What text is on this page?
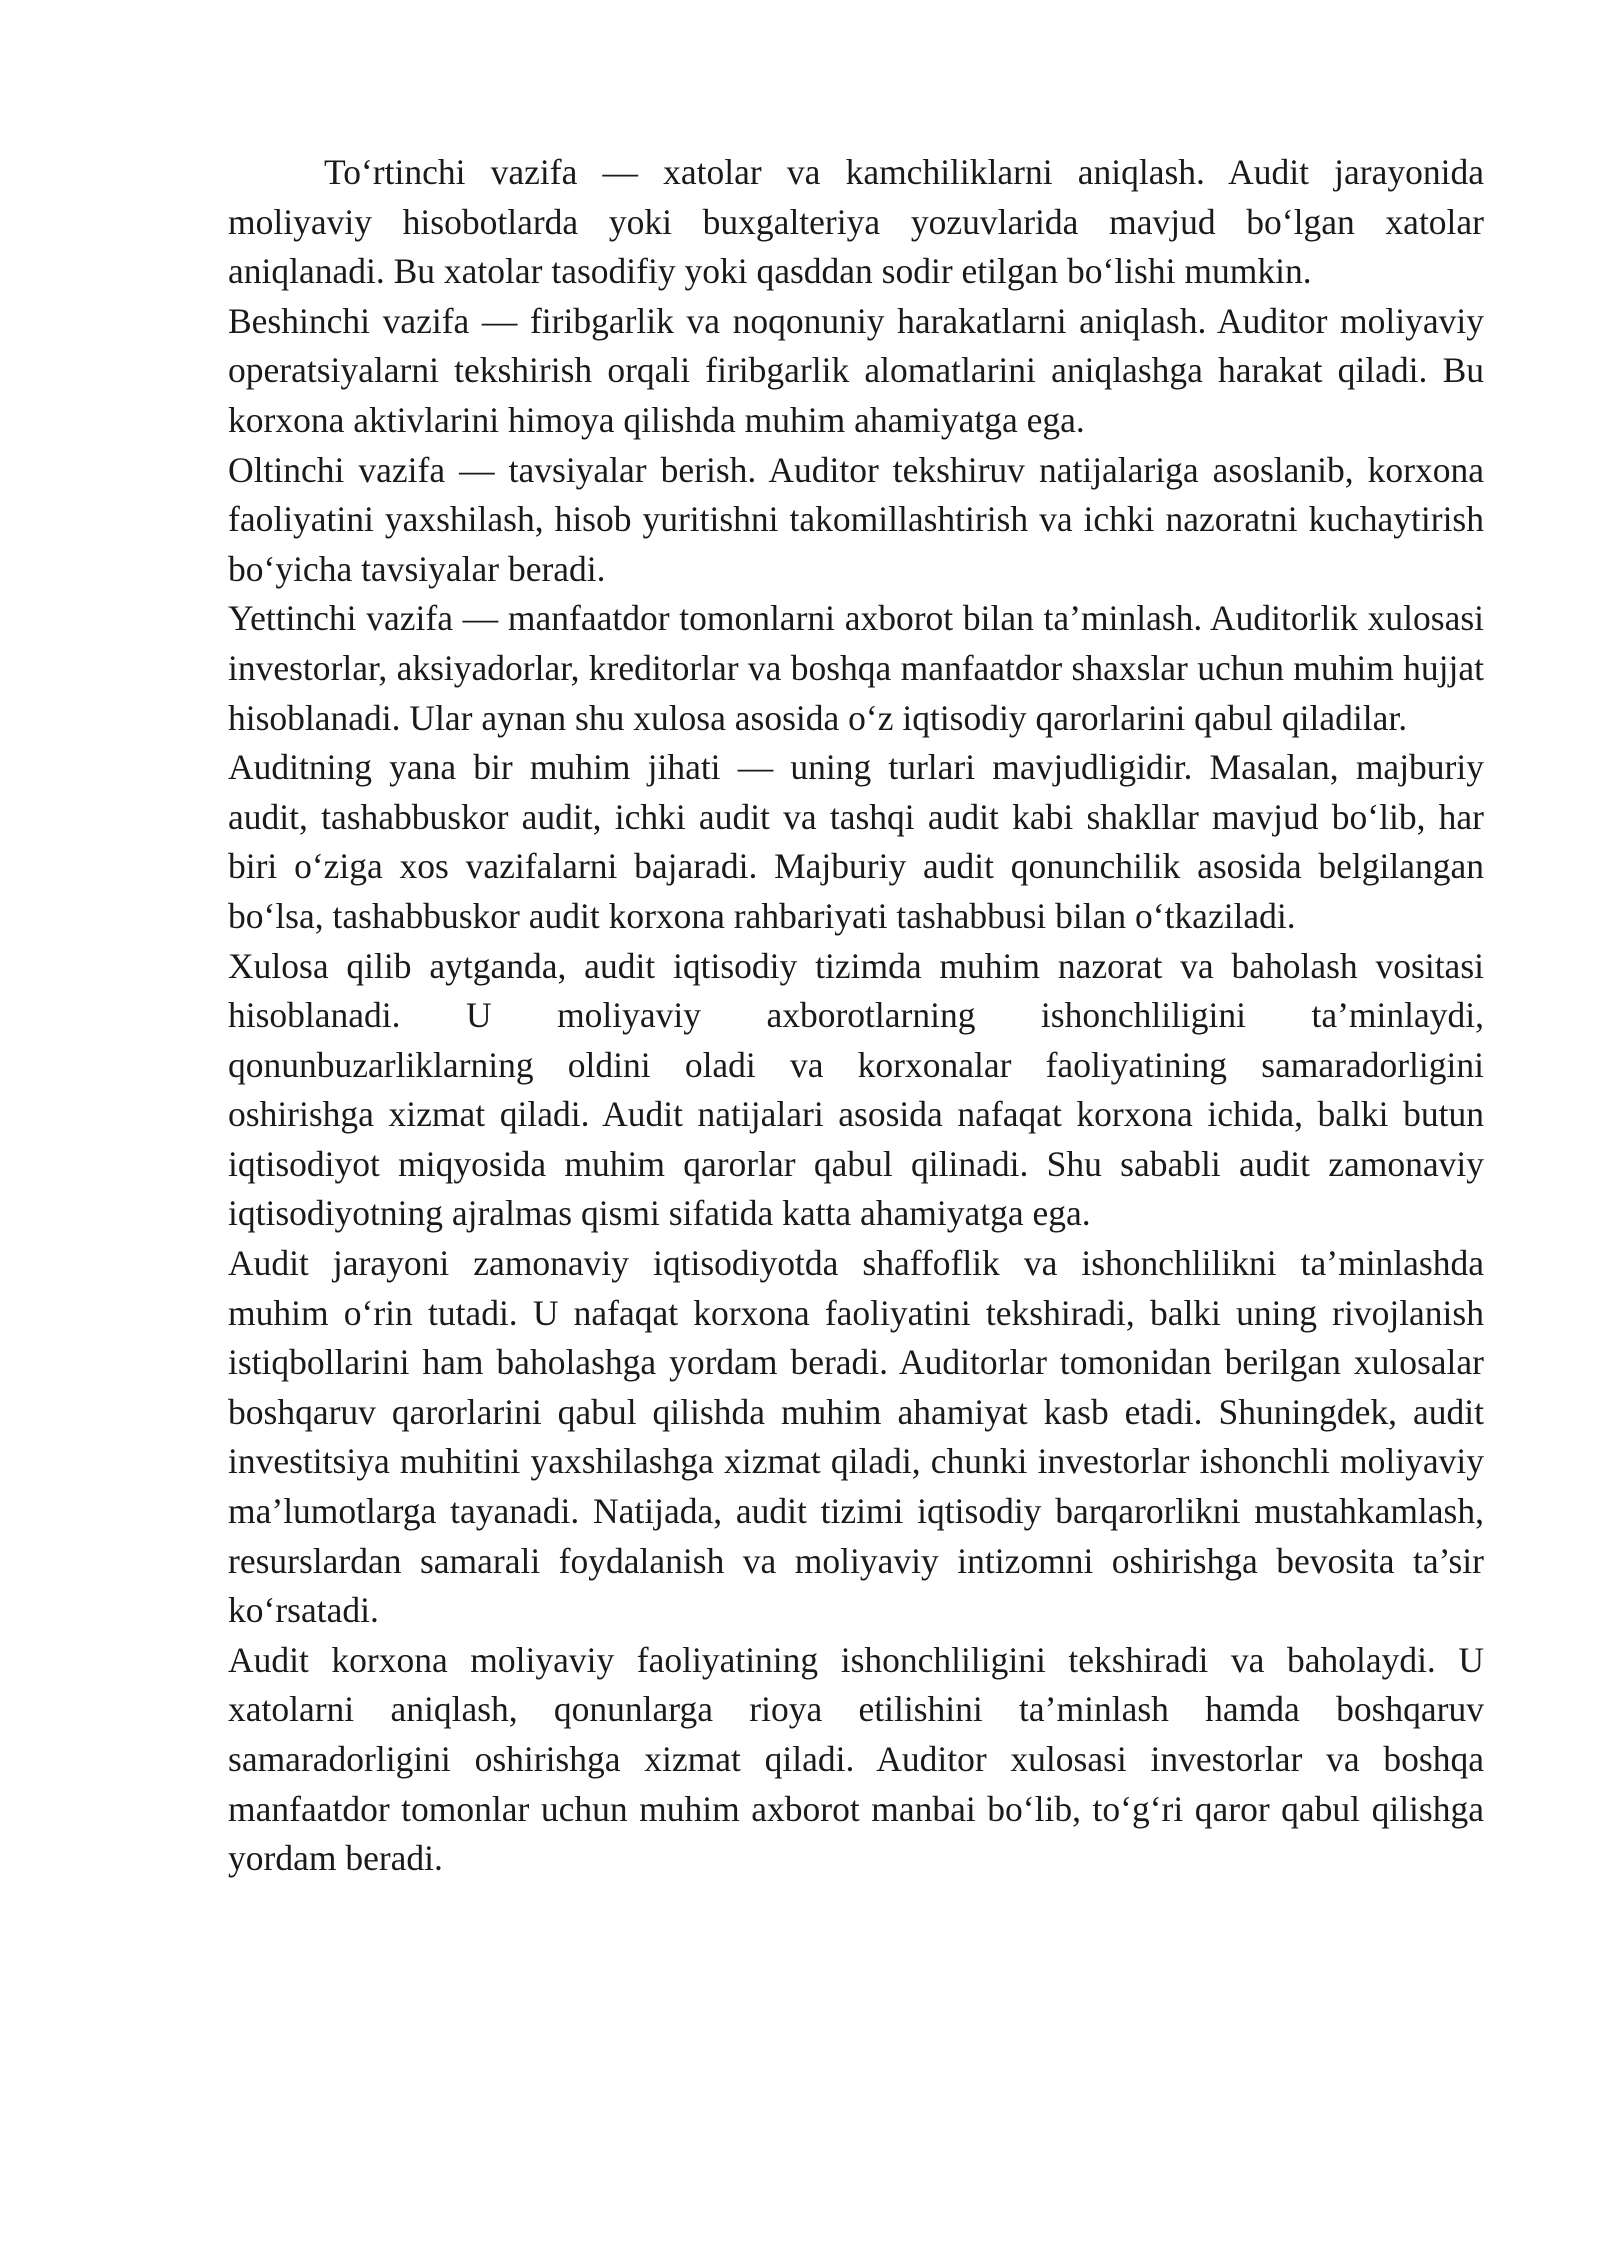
To‘rtinchi vazifa — xatolar va kamchiliklarni aniqlash. Audit jarayonida moliyaviy hisobotlarda yoki buxgalteriya yozuvlarida mavjud bo‘lgan xatolar aniqlanadi. Bu xatolar tasodifiy yoki qasddan sodir etilgan bo‘lishi mumkin.

Beshinchi vazifa — firibgarlik va noqonuniy harakatlarni aniqlash. Auditor moliyaviy operatsiyalarni tekshirish orqali firibgarlik alomatlarini aniqlashga harakat qiladi. Bu korxona aktivlarini himoya qilishda muhim ahamiyatga ega.

Oltinchi vazifa — tavsiyalar berish. Auditor tekshiruv natijalariga asoslanib, korxona faoliyatini yaxshilash, hisob yuritishni takomillashtirish va ichki nazoratni kuchaytirish bo‘yicha tavsiyalar beradi.

Yettinchi vazifa — manfaatdor tomonlarni axborot bilan ta’minlash. Auditorlik xulosasi investorlar, aksiyadorlar, kreditorlar va boshqa manfaatdor shaxslar uchun muhim hujjat hisoblanadi. Ular aynan shu xulosa asosida o‘z iqtisodiy qarorlarini qabul qiladilar.

Auditning yana bir muhim jihati — uning turlari mavjudligidir. Masalan, majburiy audit, tashabbuskor audit, ichki audit va tashqi audit kabi shakllar mavjud bo‘lib, har biri o‘ziga xos vazifalarni bajaradi. Majburiy audit qonunchilik asosida belgilangan bo‘lsa, tashabbuskor audit korxona rahbariyati tashabbusi bilan o‘tkaziladi.

Xulosa qilib aytganda, audit iqtisodiy tizimda muhim nazorat va baholash vositasi hisoblanadi. U moliyaviy axborotlarning ishonchliligini ta’minlaydi, qonunbuzarliklarning oldini oladi va korxonalar faoliyatining samaradorligini oshirishga xizmat qiladi. Audit natijalari asosida nafaqat korxona ichida, balki butun iqtisodiyot miqyosida muhim qarorlar qabul qilinadi. Shu sababli audit zamonaviy iqtisodiyotning ajralmas qismi sifatida katta ahamiyatga ega.

Audit jarayoni zamonaviy iqtisodiyotda shaffoflik va ishonchlilikni ta’minlashda muhim o‘rin tutadi. U nafaqat korxona faoliyatini tekshiradi, balki uning rivojlanish istiqbollarini ham baholashga yordam beradi. Auditorlar tomonidan berilgan xulosalar boshqaruv qarorlarini qabul qilishda muhim ahamiyat kasb etadi. Shuningdek, audit investitsiya muhitini yaxshilashga xizmat qiladi, chunki investorlar ishonchli moliyaviy ma’lumotlarga tayanadi. Natijada, audit tizimi iqtisodiy barqarorlikni mustahkamlash, resurslardan samarali foydalanish va moliyaviy intizomni oshirishga bevosita ta’sir ko‘rsatadi.

Audit korxona moliyaviy faoliyatining ishonchliligini tekshiradi va baholaydi. U xatolarni aniqlash, qonunlarga rioya etilishini ta’minlash hamda boshqaruv samaradorligini oshirishga xizmat qiladi. Auditor xulosasi investorlar va boshqa manfaatdor tomonlar uchun muhim axborot manbai bo‘lib, to‘g‘ri qaror qabul qilishga yordam beradi.
